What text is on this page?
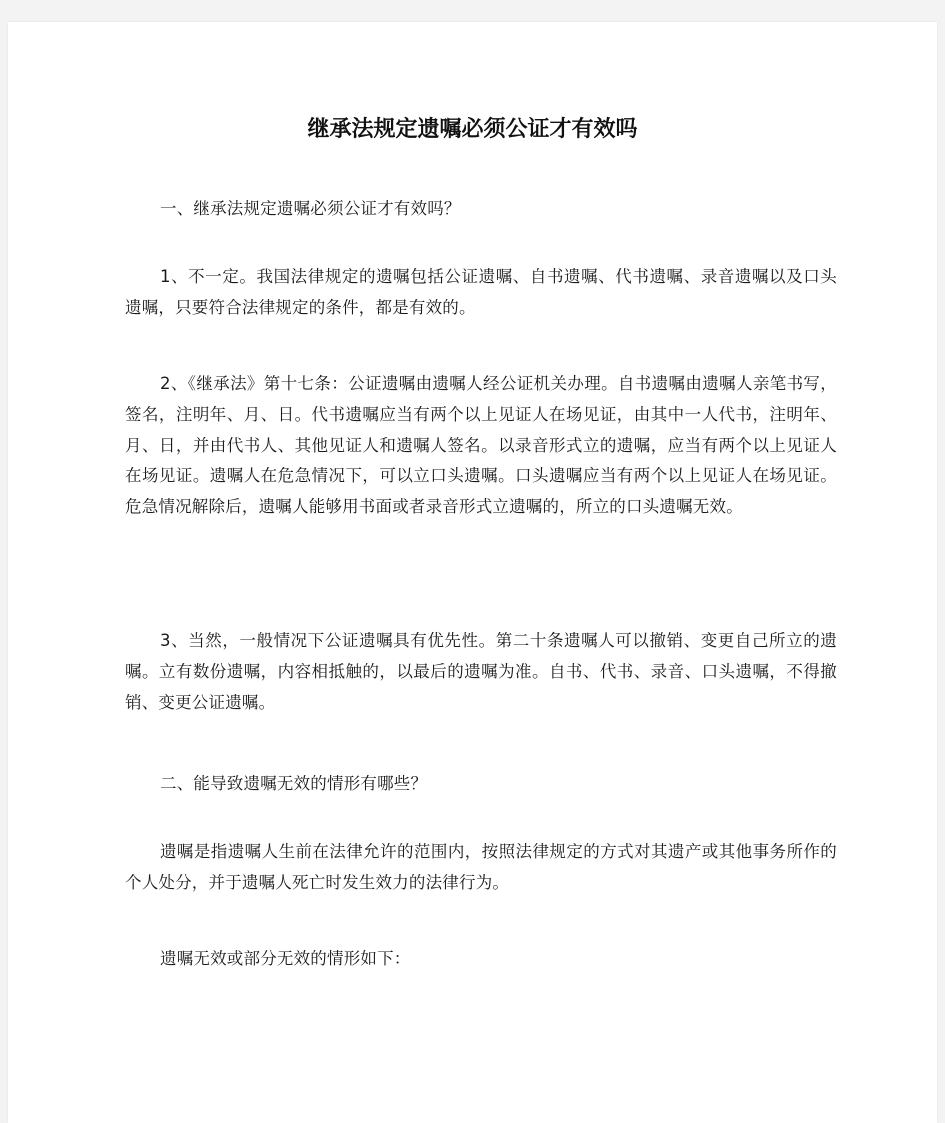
继承法规定遗嘱必须公证才有效吗

一、继承法规定遗嘱必须公证才有效吗？

1、不一定。我国法律规定的遗嘱包括公证遗嘱、自书遗嘱、代书遗嘱、录音遗嘱以及口头遗嘱，只要符合法律规定的条件，都是有效的。

2、《继承法》第十七条：公证遗嘱由遗嘱人经公证机关办理。自书遗嘱由遗嘱人亲笔书写，签名，注明年、月、日。代书遗嘱应当有两个以上见证人在场见证，由其中一人代书，注明年、月、日，并由代书人、其他见证人和遗嘱人签名。以录音形式立的遗嘱，应当有两个以上见证人在场见证。遗嘱人在危急情况下，可以立口头遗嘱。口头遗嘱应当有两个以上见证人在场见证。危急情况解除后，遗嘱人能够用书面或者录音形式立遗嘱的，所立的口头遗嘱无效。

3、当然，一般情况下公证遗嘱具有优先性。第二十条遗嘱人可以撤销、变更自己所立的遗嘱。立有数份遗嘱，内容相抵触的，以最后的遗嘱为准。自书、代书、录音、口头遗嘱，不得撤销、变更公证遗嘱。

二、能导致遗嘱无效的情形有哪些？

遗嘱是指遗嘱人生前在法律允许的范围内，按照法律规定的方式对其遗产或其他事务所作的个人处分，并于遗嘱人死亡时发生效力的法律行为。

遗嘱无效或部分无效的情形如下：
